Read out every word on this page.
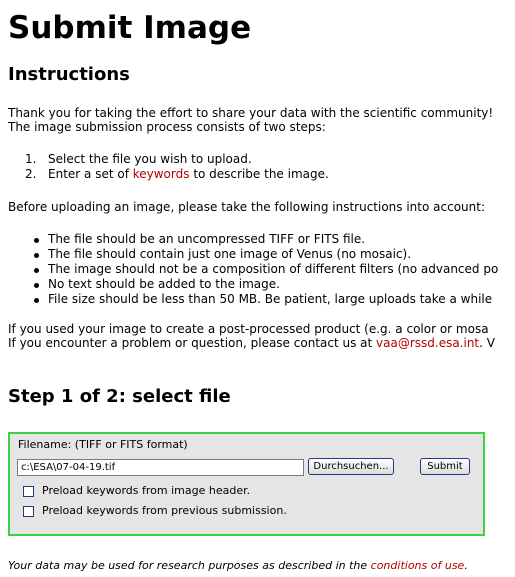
Submit Image
Instructions

Thank you for taking the effort to share your data with the scientific community!

The image submission process consists of two steps:

1. Select the file you wish to upload.
2. Enter a set of keywords to describe the image.

Before uploading an image, please take the following instructions into account:

The file should be an uncompressed TIFF or FITS file.
The file should contain just one image of Venus (no mosaic).
The image should not be a composition of different filters (no advanced po
No text should be added to the image.
File size should be less than 50 MB. Be patient, large uploads take a while

If you used your image to create a post-processed product (e.g. a color or mosa

If you encounter a problem or question, please contact us at vaa@rssd.esa.int. V

Step 1 of 2: select file
Filename: (TIFF or FITS format)
c:\ESA\07-04-19.tif	Durchsuchen...	Submit
Preload keywords from image header.
Preload keywords from previous submission.

Your data may be used for research purposes as described in the conditions of use.
